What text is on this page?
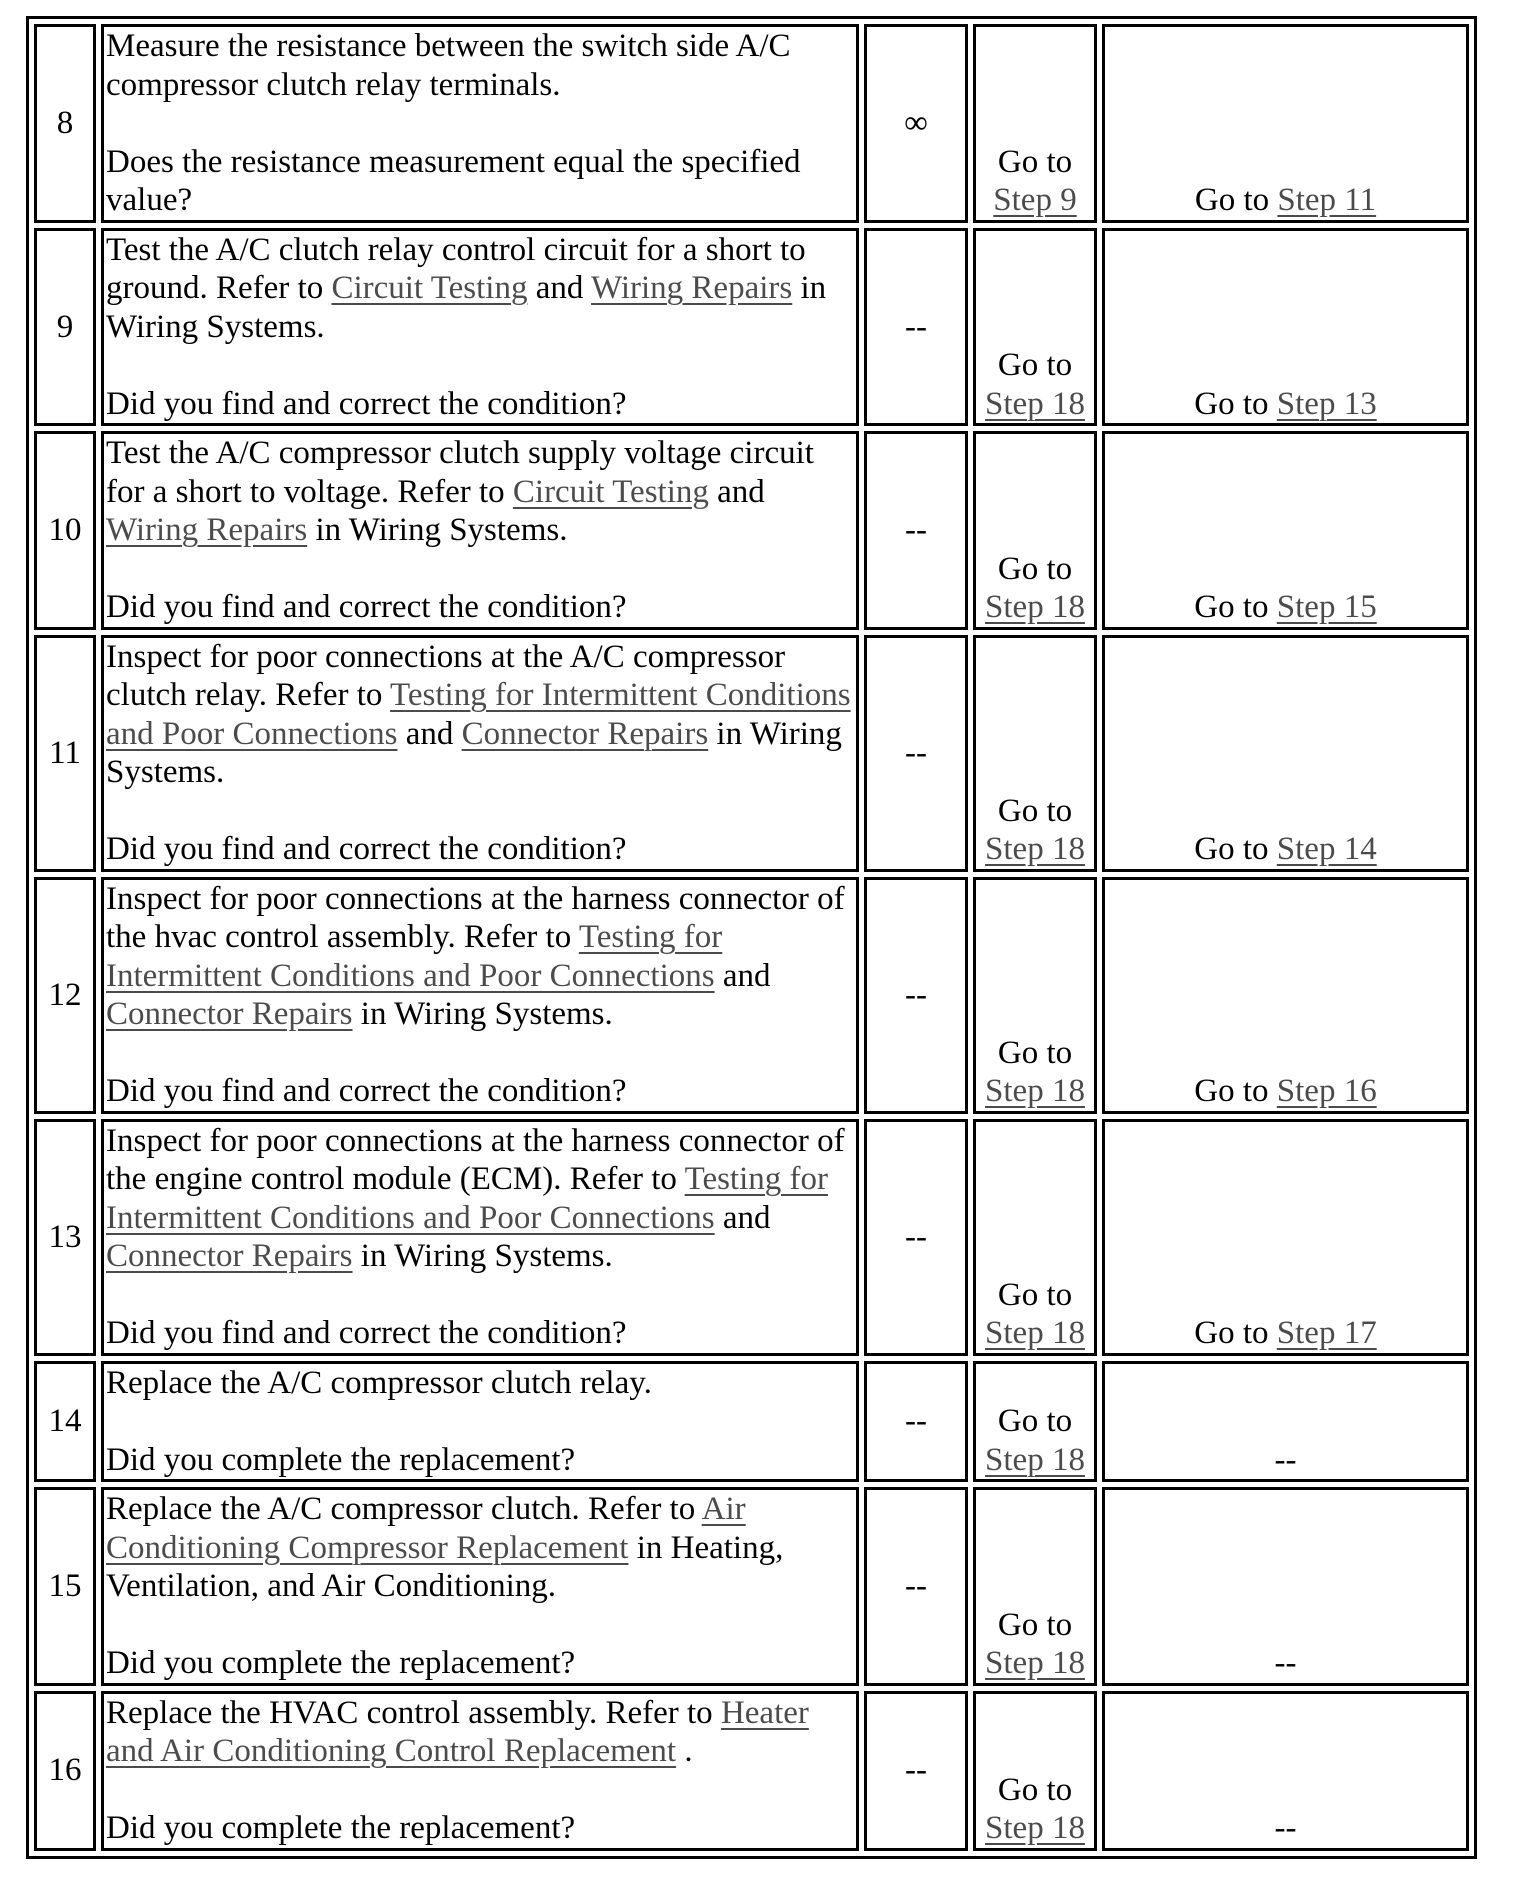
8	Measure the resistance between the switch side A/C compressor clutch relay terminals.
Does the resistance measurement equal the specified value?	∞	Go to
Step 9	Go to Step 11
9	Test the A/C clutch relay control circuit for a short to ground. Refer to Circuit Testing and Wiring Repairs in Wiring Systems.
Did you find and correct the condition?	--	Go to
Step 18	Go to Step 13
10	Test the A/C compressor clutch supply voltage circuit for a short to voltage. Refer to Circuit Testing and Wiring Repairs in Wiring Systems.
Did you find and correct the condition?	--	Go to
Step 18	Go to Step 15
11	Inspect for poor connections at the A/C compressor clutch relay. Refer to Testing for Intermittent Conditions and Poor Connections and Connector Repairs in Wiring Systems.
Did you find and correct the condition?	--	Go to
Step 18	Go to Step 14
12	Inspect for poor connections at the harness connector of the hvac control assembly. Refer to Testing for Intermittent Conditions and Poor Connections and Connector Repairs in Wiring Systems.
Did you find and correct the condition?	--	Go to
Step 18	Go to Step 16
13	Inspect for poor connections at the harness connector of the engine control module (ECM). Refer to Testing for Intermittent Conditions and Poor Connections and Connector Repairs in Wiring Systems.
Did you find and correct the condition?	--	Go to
Step 18	Go to Step 17
14	Replace the A/C compressor clutch relay.
Did you complete the replacement?	--	Go to
Step 18	--
15	Replace the A/C compressor clutch. Refer to Air Conditioning Compressor Replacement in Heating, Ventilation, and Air Conditioning.
Did you complete the replacement?	--	Go to
Step 18	--
16	Replace the HVAC control assembly. Refer to Heater and Air Conditioning Control Replacement .
Did you complete the replacement?	--	Go to
Step 18	--
